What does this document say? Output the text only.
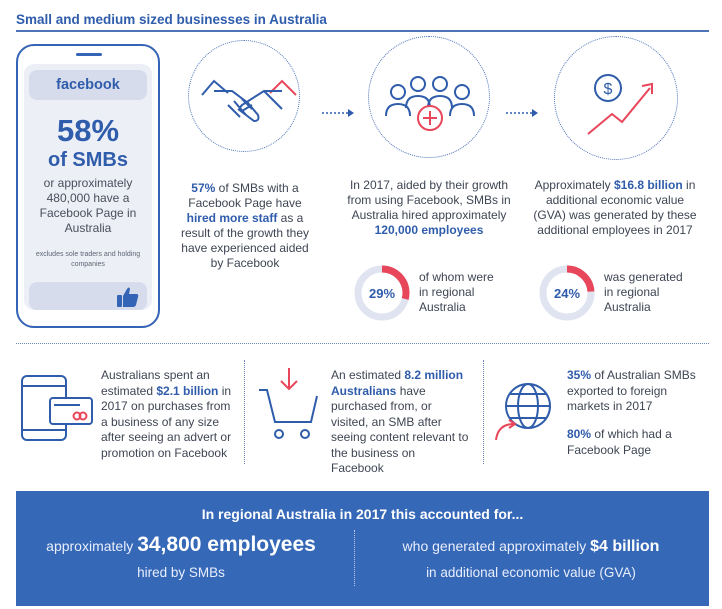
Small and medium sized businesses in Australia
facebook
58%
of SMBs
or approximately 480,000 have a Facebook Page in Australia
excludes sole traders and holding companies
57% of SMBs with a Facebook Page have hired more staff as a result of the growth they have experienced aided by Facebook
In 2017, aided by their growth from using Facebook, SMBs in Australia hired approximately 120,000 employees
29%
of whom were in regional Australia
$
Approximately $16.8 billion in additional economic value (GVA) was generated by these additional employees in 2017
24%
was generated in regional Australia
Australians spent an estimated $2.1 billion in 2017 on purchases from a business of any size after seeing an advert or promotion on Facebook
An estimated 8.2 million Australians have purchased from, or visited, an SMB after seeing content relevant to the business on Facebook
35% of Australian SMBs exported to foreign markets in 2017
80% of which had a Facebook Page
In regional Australia in 2017 this accounted for...
approximately 34,800 employees
hired by SMBs
who generated approximately $4 billion
in additional economic value (GVA)
